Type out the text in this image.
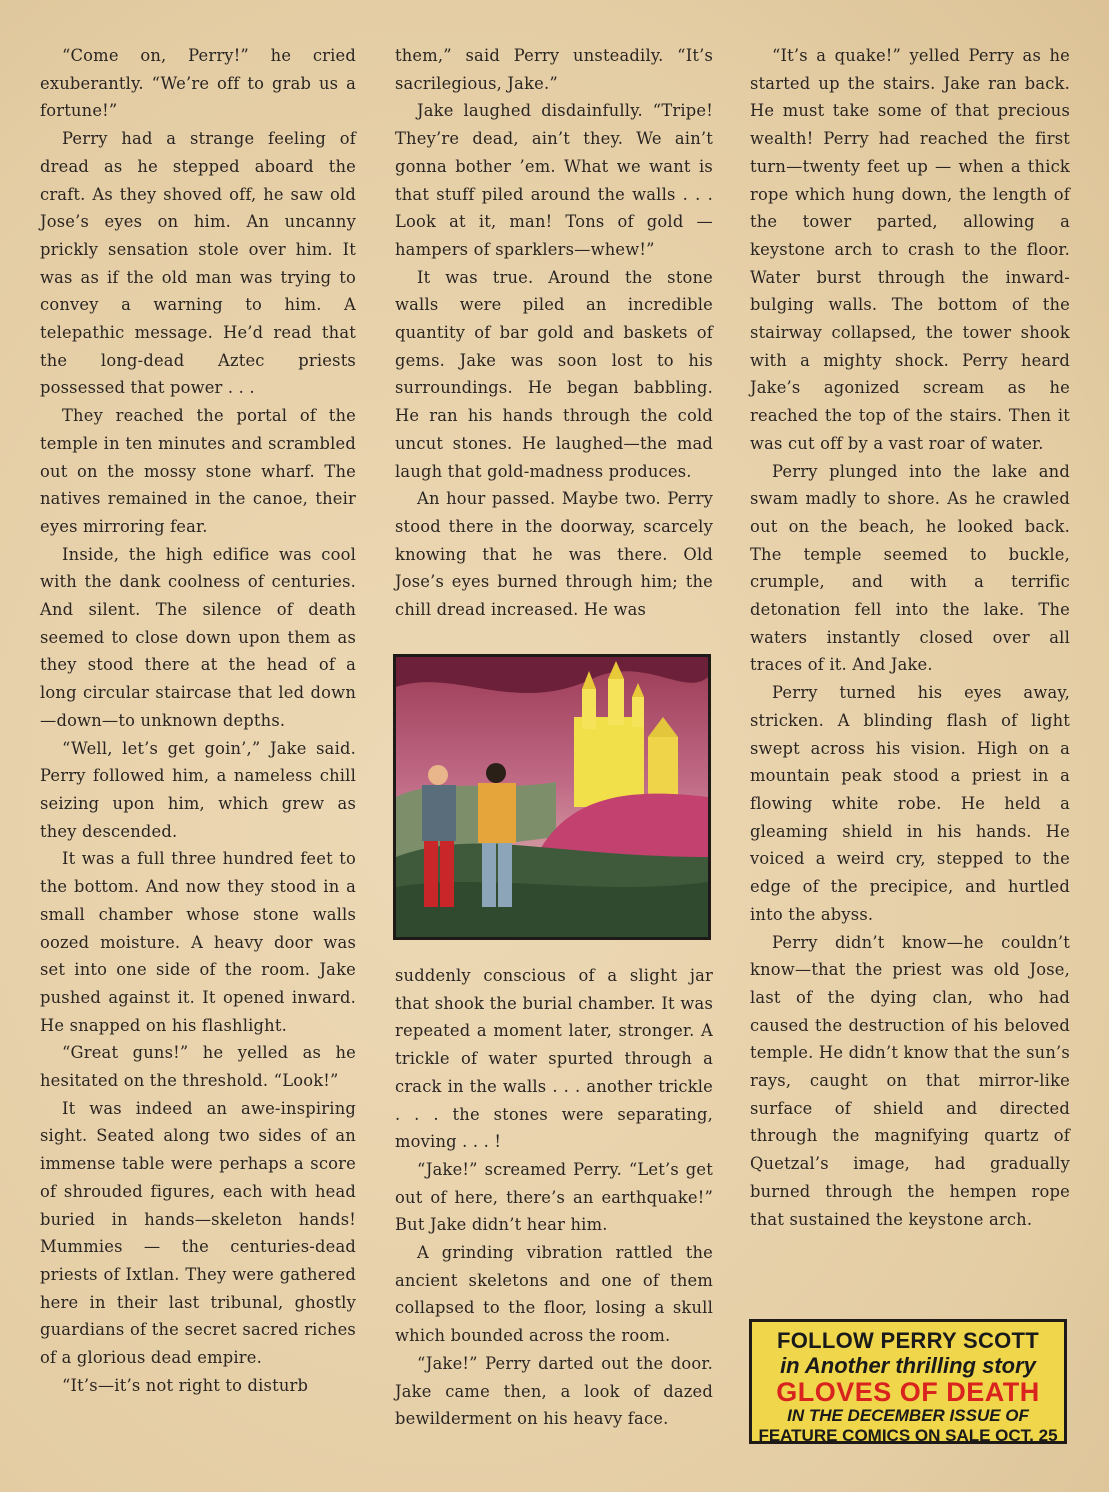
“Come on, Perry!” he cried exuberantly. “We’re off to grab us a fortune!”

Perry had a strange feeling of dread as he stepped aboard the craft. As they shoved off, he saw old Jose’s eyes on him. An uncanny prickly sensation stole over him. It was as if the old man was trying to convey a warning to him. A telepathic message. He’d read that the long-dead Aztec priests possessed that power . . .

They reached the portal of the temple in ten minutes and scrambled out on the mossy stone wharf. The natives remained in the canoe, their eyes mirroring fear.

Inside, the high edifice was cool with the dank coolness of centuries. And silent. The silence of death seemed to close down upon them as they stood there at the head of a long circular staircase that led down—down—to unknown depths.

“Well, let’s get goin’,” Jake said. Perry followed him, a nameless chill seizing upon him, which grew as they descended.

It was a full three hundred feet to the bottom. And now they stood in a small chamber whose stone walls oozed moisture. A heavy door was set into one side of the room. Jake pushed against it. It opened inward. He snapped on his flashlight.

“Great guns!” he yelled as he hesitated on the threshold. “Look!”

It was indeed an awe-inspiring sight. Seated along two sides of an immense table were perhaps a score of shrouded figures, each with head buried in hands—skeleton hands! Mummies — the centuries-dead priests of Ixtlan. They were gathered here in their last tribunal, ghostly guardians of the secret sacred riches of a glorious dead empire.

“It’s—it’s not right to disturb

them,” said Perry unsteadily. “It’s sacrilegious, Jake.”

Jake laughed disdainfully. “Tripe! They’re dead, ain’t they. We ain’t gonna bother ’em. What we want is that stuff piled around the walls . . . Look at it, man! Tons of gold —hampers of sparklers—whew!”

It was true. Around the stone walls were piled an incredible quantity of bar gold and baskets of gems. Jake was soon lost to his surroundings. He began babbling. He ran his hands through the cold uncut stones. He laughed—the mad laugh that gold-madness produces.

An hour passed. Maybe two. Perry stood there in the doorway, scarcely knowing that he was there. Old Jose’s eyes burned through him; the chill dread increased. He was

suddenly conscious of a slight jar that shook the burial chamber. It was repeated a moment later, stronger. A trickle of water spurted through a crack in the walls . . . another trickle . . . the stones were separating, moving . . . !

“Jake!” screamed Perry. “Let’s get out of here, there’s an earthquake!” But Jake didn’t hear him.

A grinding vibration rattled the ancient skeletons and one of them collapsed to the floor, losing a skull which bounded across the room.

“Jake!” Perry darted out the door. Jake came then, a look of dazed bewilderment on his heavy face.

“It’s a quake!” yelled Perry as he started up the stairs. Jake ran back. He must take some of that precious wealth! Perry had reached the first turn—twenty feet up — when a thick rope which hung down, the length of the tower parted, allowing a keystone arch to crash to the floor. Water burst through the inward-bulging walls. The bottom of the stairway collapsed, the tower shook with a mighty shock. Perry heard Jake’s agonized scream as he reached the top of the stairs. Then it was cut off by a vast roar of water.

Perry plunged into the lake and swam madly to shore. As he crawled out on the beach, he looked back. The temple seemed to buckle, crumple, and with a terrific detonation fell into the lake. The waters instantly closed over all traces of it. And Jake.

Perry turned his eyes away, stricken. A blinding flash of light swept across his vision. High on a mountain peak stood a priest in a flowing white robe. He held a gleaming shield in his hands. He voiced a weird cry, stepped to the edge of the precipice, and hurtled into the abyss.

Perry didn’t know—he couldn’t know—that the priest was old Jose, last of the dying clan, who had caused the destruction of his beloved temple. He didn’t know that the sun’s rays, caught on that mirror-like surface of shield and directed through the magnifying quartz of Quetzal’s image, had gradually burned through the hempen rope that sustained the keystone arch.

FOLLOW PERRY SCOTT
in Another thrilling story
GLOVES OF DEATH
IN THE DECEMBER ISSUE OF
FEATURE COMICS ON SALE OCT. 25
